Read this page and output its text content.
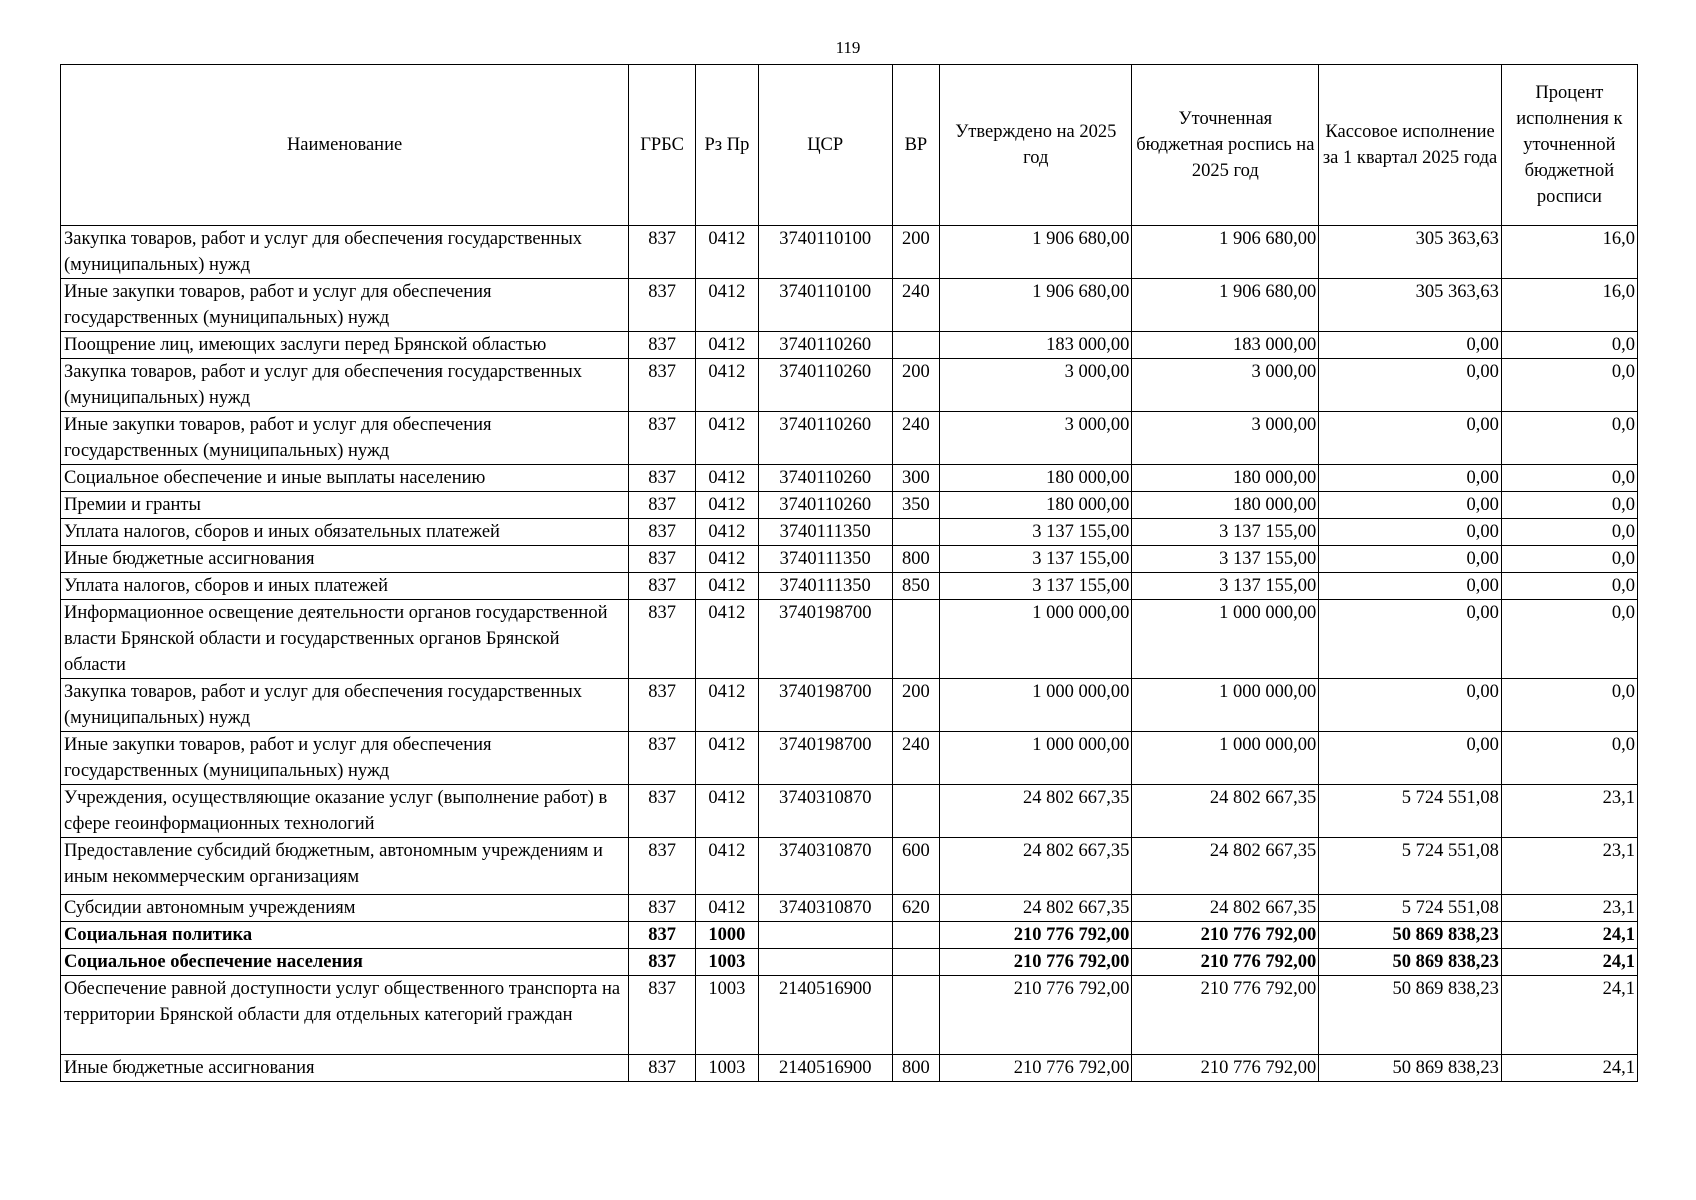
119
Наименование	ГРБС	Рз Пр	ЦСР	ВР	Утверждено на 2025 год	Уточненная бюджетная роспись на 2025 год	Кассовое исполнение за 1 квартал 2025 года	Процент исполнения к уточненной бюджетной росписи
Закупка товаров, работ и услуг для обеспечения государственных (муниципальных) нужд	837	0412	3740110100	200	1 906 680,00	1 906 680,00	305 363,63	16,0
Иные закупки товаров, работ и услуг для обеспечения государственных (муниципальных) нужд	837	0412	3740110100	240	1 906 680,00	1 906 680,00	305 363,63	16,0
Поощрение лиц, имеющих заслуги перед Брянской областью	837	0412	3740110260		183 000,00	183 000,00	0,00	0,0
Закупка товаров, работ и услуг для обеспечения государственных (муниципальных) нужд	837	0412	3740110260	200	3 000,00	3 000,00	0,00	0,0
Иные закупки товаров, работ и услуг для обеспечения государственных (муниципальных) нужд	837	0412	3740110260	240	3 000,00	3 000,00	0,00	0,0
Социальное обеспечение и иные выплаты населению	837	0412	3740110260	300	180 000,00	180 000,00	0,00	0,0
Премии и гранты	837	0412	3740110260	350	180 000,00	180 000,00	0,00	0,0
Уплата налогов, сборов и иных обязательных платежей	837	0412	3740111350		3 137 155,00	3 137 155,00	0,00	0,0
Иные бюджетные ассигнования	837	0412	3740111350	800	3 137 155,00	3 137 155,00	0,00	0,0
Уплата налогов, сборов и иных платежей	837	0412	3740111350	850	3 137 155,00	3 137 155,00	0,00	0,0
Информационное освещение деятельности органов государственной власти Брянской области и государственных органов Брянской области	837	0412	3740198700		1 000 000,00	1 000 000,00	0,00	0,0
Закупка товаров, работ и услуг для обеспечения государственных (муниципальных) нужд	837	0412	3740198700	200	1 000 000,00	1 000 000,00	0,00	0,0
Иные закупки товаров, работ и услуг для обеспечения государственных (муниципальных) нужд	837	0412	3740198700	240	1 000 000,00	1 000 000,00	0,00	0,0
Учреждения, осуществляющие оказание услуг (выполнение работ) в сфере геоинформационных технологий	837	0412	3740310870		24 802 667,35	24 802 667,35	5 724 551,08	23,1
Предоставление субсидий бюджетным, автономным учреждениям и иным некоммерческим организациям	837	0412	3740310870	600	24 802 667,35	24 802 667,35	5 724 551,08	23,1
Субсидии автономным учреждениям	837	0412	3740310870	620	24 802 667,35	24 802 667,35	5 724 551,08	23,1
Социальная политика	837	1000			210 776 792,00	210 776 792,00	50 869 838,23	24,1
Социальное обеспечение населения	837	1003			210 776 792,00	210 776 792,00	50 869 838,23	24,1
Обеспечение равной доступности услуг общественного транспорта на территории Брянской области для отдельных категорий граждан	837	1003	2140516900		210 776 792,00	210 776 792,00	50 869 838,23	24,1
Иные бюджетные ассигнования	837	1003	2140516900	800	210 776 792,00	210 776 792,00	50 869 838,23	24,1
